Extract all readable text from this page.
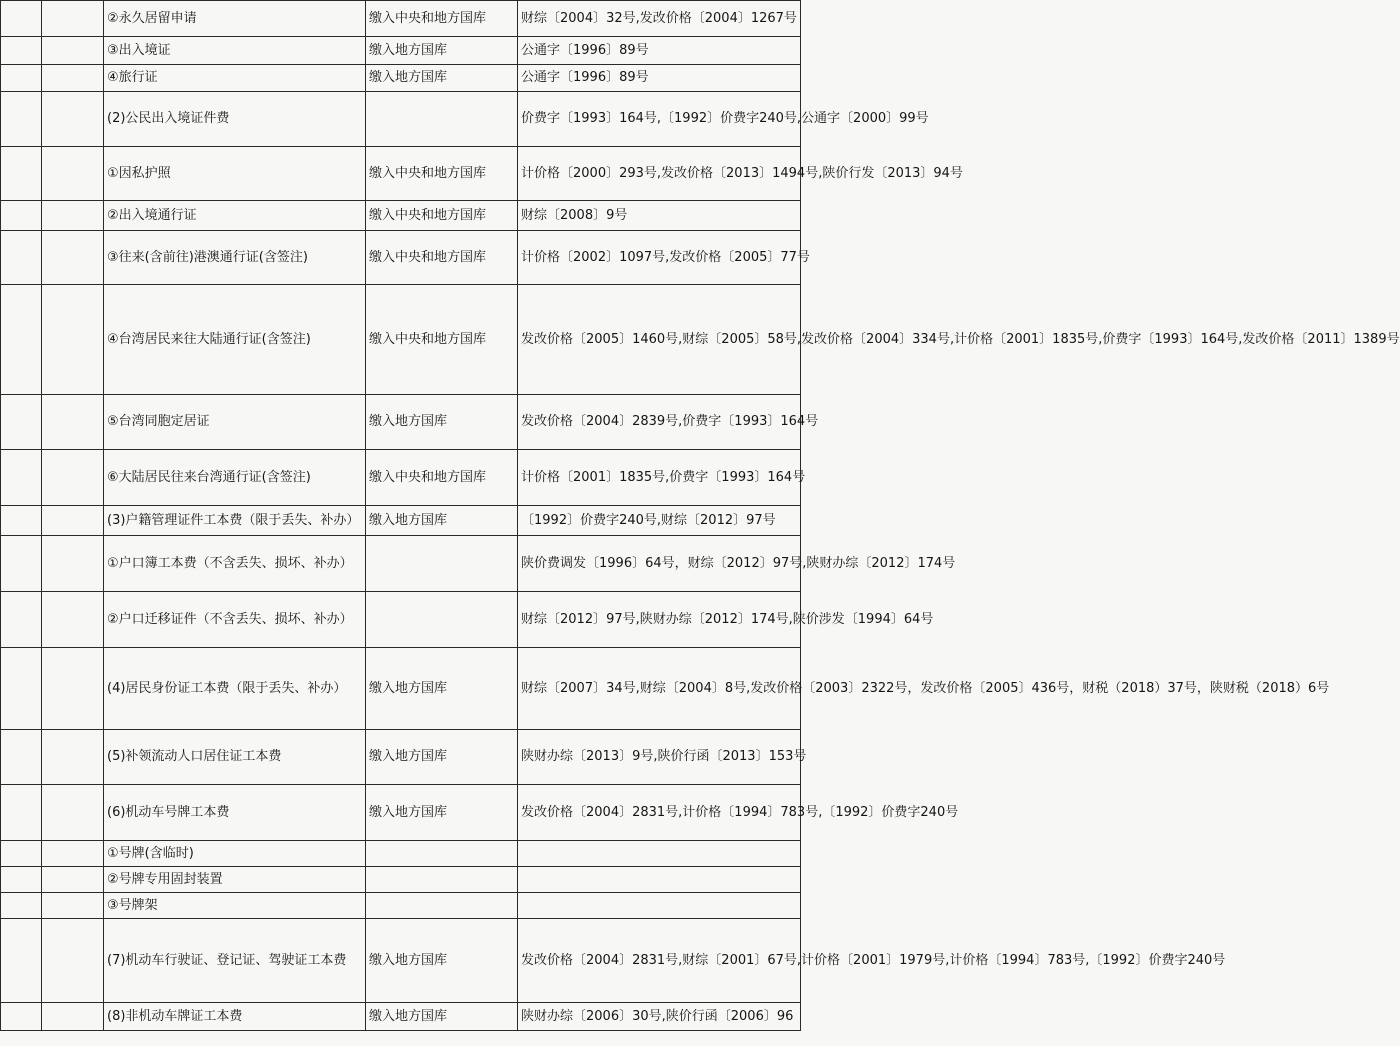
		②永久居留申请	缴入中央和地方国库	财综〔2004〕32号,发改价格〔2004〕1267号
		③出入境证	缴入地方国库	公通字〔1996〕89号
		④旅行证	缴入地方国库	公通字〔1996〕89号
		(2)公民出入境证件费		价费字〔1993〕164号,〔1992〕价费字240号,公通字〔2000〕99号
		①因私护照	缴入中央和地方国库	计价格〔2000〕293号,发改价格〔2013〕1494号,陕价行发〔2013〕94号
		②出入境通行证	缴入中央和地方国库	财综〔2008〕9号
		③往来(含前往)港澳通行证(含签注)	缴入中央和地方国库	计价格〔2002〕1097号,发改价格〔2005〕77号
		④台湾居民来往大陆通行证(含签注)	缴入中央和地方国库	发改价格〔2005〕1460号,财综〔2005〕58号,发改价格〔2004〕334号,计价格〔2001〕1835号,价费字〔1993〕164号,发改价格〔2011〕1389号
		⑤台湾同胞定居证	缴入地方国库	发改价格〔2004〕2839号,价费字〔1993〕164号
		⑥大陆居民往来台湾通行证(含签注)	缴入中央和地方国库	计价格〔2001〕1835号,价费字〔1993〕164号
		(3)户籍管理证件工本费（限于丢失、补办）	缴入地方国库	〔1992〕价费字240号,财综〔2012〕97号
		①户口簿工本费（不含丢失、损坏、补办）		陕价费调发〔1996〕64号，财综〔2012〕97号,陕财办综〔2012〕174号
		②户口迁移证件（不含丢失、损坏、补办）		财综〔2012〕97号,陕财办综〔2012〕174号,陕价涉发〔1994〕64号
		(4)居民身份证工本费（限于丢失、补办）	缴入地方国库	财综〔2007〕34号,财综〔2004〕8号,发改价格〔2003〕2322号，发改价格〔2005〕436号，财税（2018）37号，陕财税（2018）6号
		(5)补领流动人口居住证工本费	缴入地方国库	陕财办综〔2013〕9号,陕价行函〔2013〕153号
		(6)机动车号牌工本费	缴入地方国库	发改价格〔2004〕2831号,计价格〔1994〕783号,〔1992〕价费字240号
		①号牌(含临时)		
		②号牌专用固封装置		
		③号牌架		
		(7)机动车行驶证、登记证、驾驶证工本费	缴入地方国库	发改价格〔2004〕2831号,财综〔2001〕67号,计价格〔2001〕1979号,计价格〔1994〕783号,〔1992〕价费字240号
		(8)非机动车牌证工本费	缴入地方国库	陕财办综〔2006〕30号,陕价行函〔2006〕96
